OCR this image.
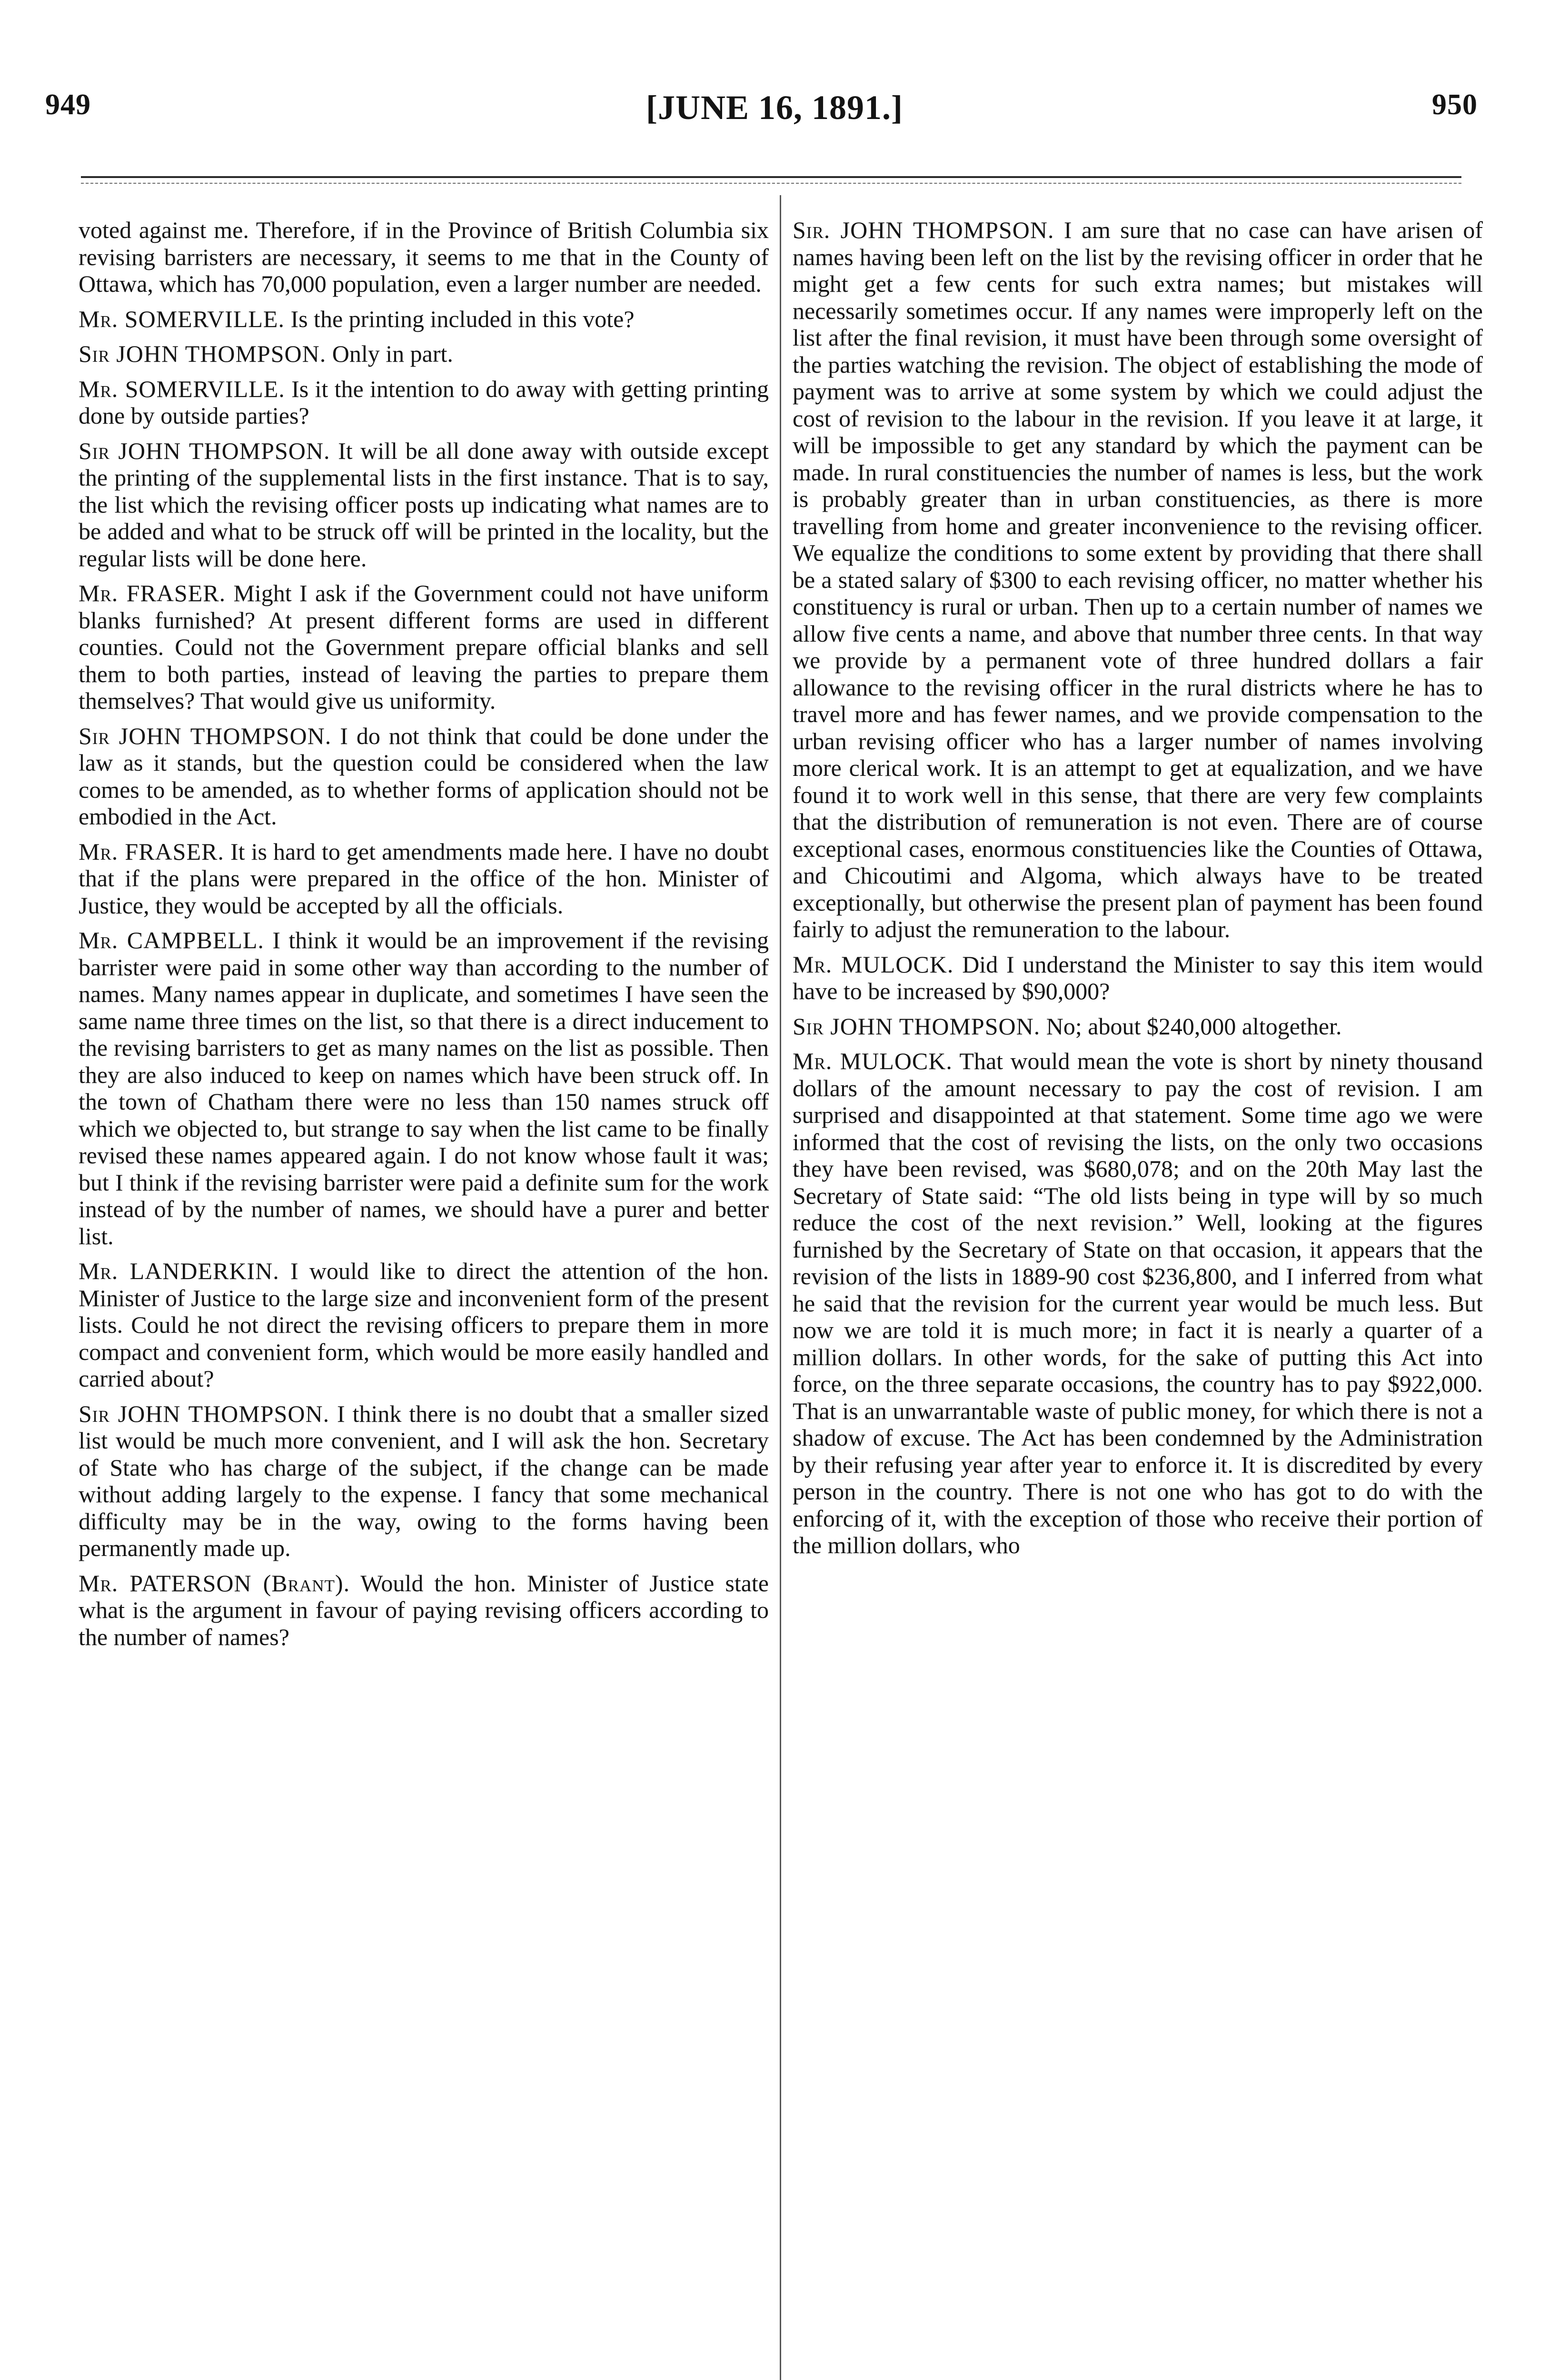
949	[JUNE 16, 1891.]	950

voted against me. Therefore, if in the Province of British Columbia six revising barristers are necessary, it seems to me that in the County of Ottawa, which has 70,000 population, even a larger number are needed.

Mr. SOMERVILLE. Is the printing included in this vote?

Sir JOHN THOMPSON. Only in part.

Mr. SOMERVILLE. Is it the intention to do away with getting printing done by outside parties?

Sir JOHN THOMPSON. It will be all done away with outside except the printing of the supplemental lists in the first instance. That is to say, the list which the revising officer posts up indicating what names are to be added and what to be struck off will be printed in the locality, but the regular lists will be done here.

Mr. FRASER. Might I ask if the Government could not have uniform blanks furnished? At present different forms are used in different counties. Could not the Government prepare official blanks and sell them to both parties, instead of leaving the parties to prepare them themselves? That would give us uniformity.

Sir JOHN THOMPSON. I do not think that could be done under the law as it stands, but the question could be considered when the law comes to be amended, as to whether forms of application should not be embodied in the Act.

Mr. FRASER. It is hard to get amendments made here. I have no doubt that if the plans were prepared in the office of the hon. Minister of Justice, they would be accepted by all the officials.

Mr. CAMPBELL. I think it would be an improvement if the revising barrister were paid in some other way than according to the number of names. Many names appear in duplicate, and sometimes I have seen the same name three times on the list, so that there is a direct inducement to the revising barristers to get as many names on the list as possible. Then they are also induced to keep on names which have been struck off. In the town of Chatham there were no less than 150 names struck off which we objected to, but strange to say when the list came to be finally revised these names appeared again. I do not know whose fault it was; but I think if the revising barrister were paid a definite sum for the work instead of by the number of names, we should have a purer and better list.

Mr. LANDERKIN. I would like to direct the attention of the hon. Minister of Justice to the large size and inconvenient form of the present lists. Could he not direct the revising officers to prepare them in more compact and convenient form, which would be more easily handled and carried about?

Sir JOHN THOMPSON. I think there is no doubt that a smaller sized list would be much more convenient, and I will ask the hon. Secretary of State who has charge of the subject, if the change can be made without adding largely to the expense. I fancy that some mechanical difficulty may be in the way, owing to the forms having been permanently made up.

Mr. PATERSON (Brant). Would the hon. Minister of Justice state what is the argument in favour of paying revising officers according to the number of names?

Sir. JOHN THOMPSON. I am sure that no case can have arisen of names having been left on the list by the revising officer in order that he might get a few cents for such extra names; but mistakes will necessarily sometimes occur. If any names were improperly left on the list after the final revision, it must have been through some oversight of the parties watching the revision. The object of establishing the mode of payment was to arrive at some system by which we could adjust the cost of revision to the labour in the revision. If you leave it at large, it will be impossible to get any standard by which the payment can be made. In rural constituencies the number of names is less, but the work is probably greater than in urban constituencies, as there is more travelling from home and greater inconvenience to the revising officer. We equalize the conditions to some extent by providing that there shall be a stated salary of $300 to each revising officer, no matter whether his constituency is rural or urban. Then up to a certain number of names we allow five cents a name, and above that number three cents. In that way we provide by a permanent vote of three hundred dollars a fair allowance to the revising officer in the rural districts where he has to travel more and has fewer names, and we provide compensation to the urban revising officer who has a larger number of names involving more clerical work. It is an attempt to get at equalization, and we have found it to work well in this sense, that there are very few complaints that the distribution of remuneration is not even. There are of course exceptional cases, enormous constituencies like the Counties of Ottawa, and Chicoutimi and Algoma, which always have to be treated exceptionally, but otherwise the present plan of payment has been found fairly to adjust the remuneration to the labour.

Mr. MULOCK. Did I understand the Minister to say this item would have to be increased by $90,000?

Sir JOHN THOMPSON. No; about $240,000 altogether.

Mr. MULOCK. That would mean the vote is short by ninety thousand dollars of the amount necessary to pay the cost of revision. I am surprised and disappointed at that statement. Some time ago we were informed that the cost of revising the lists, on the only two occasions they have been revised, was $680,078; and on the 20th May last the Secretary of State said: “The old lists being in type will by so much reduce the cost of the next revision.” Well, looking at the figures furnished by the Secretary of State on that occasion, it appears that the revision of the lists in 1889-90 cost $236,800, and I inferred from what he said that the revision for the current year would be much less. But now we are told it is much more; in fact it is nearly a quarter of a million dollars. In other words, for the sake of putting this Act into force, on the three separate occasions, the country has to pay $922,000. That is an unwarrantable waste of public money, for which there is not a shadow of excuse. The Act has been condemned by the Administration by their refusing year after year to enforce it. It is discredited by every person in the country. There is not one who has got to do with the enforcing of it, with the exception of those who receive their portion of the million dollars, who
